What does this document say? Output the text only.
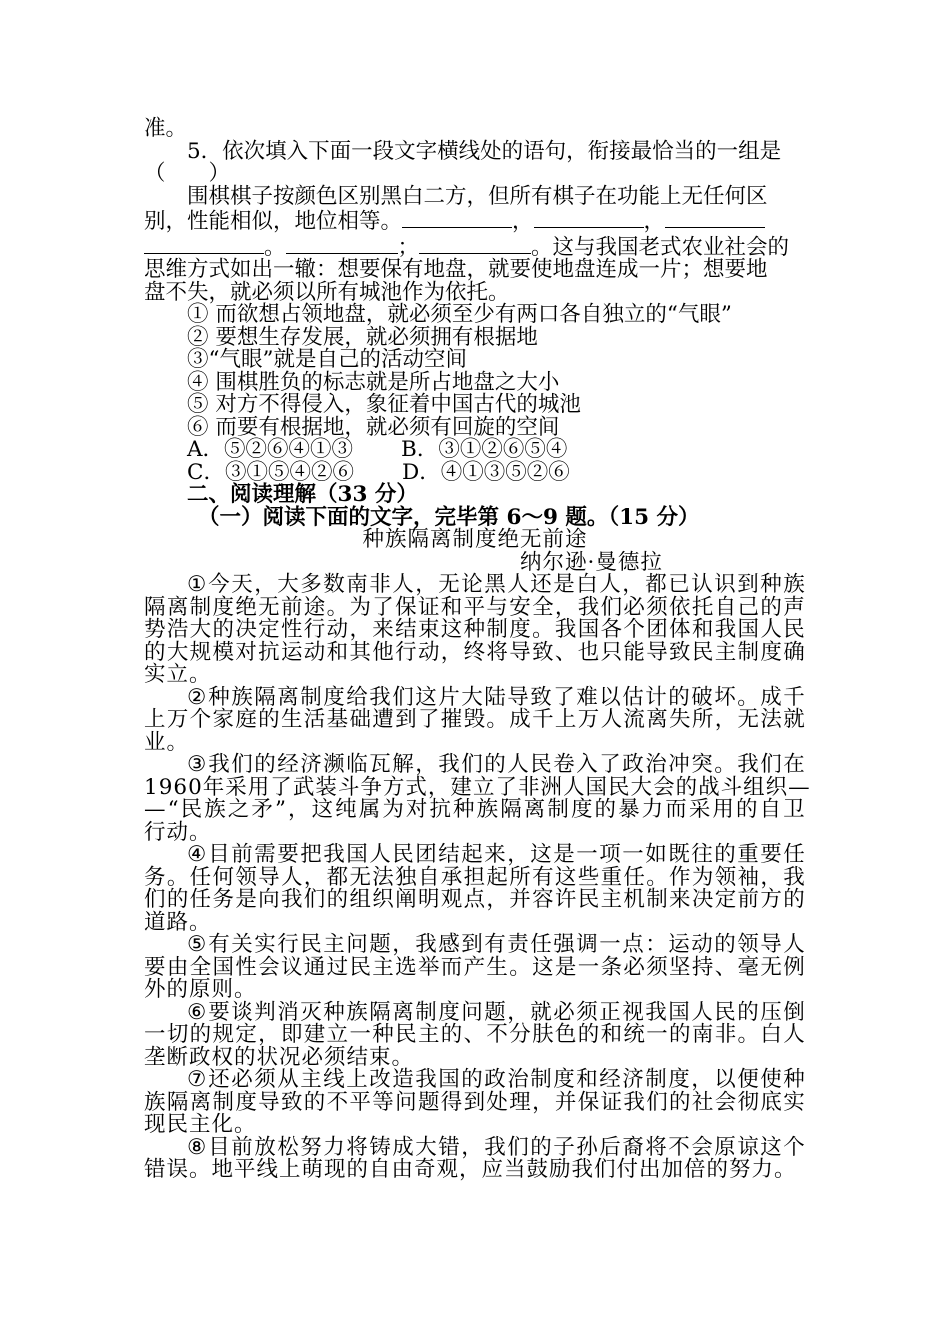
准。

5．依次填入下面一段文字横线处的语句，衔接最恰当的一组是

（　　）

围棋棋子按颜色区别黑白二方，但所有棋子在功能上无任何区

别，性能相似，地位相等。	，	，

。	；	。这与我国老式农业社会的

思维方式如出一辙：想要保有地盘，就要使地盘连成一片；想要地

盘不失，就必须以所有城池作为依托。

① 而欲想占领地盘，就必须至少有两口各自独立的“气眼”

② 要想生存发展，就必须拥有根据地

③“气眼”就是自己的活动空间

④ 围棋胜负的标志就是所占地盘之大小

⑤ 对方不得侵入，象征着中国古代的城池

⑥ 而要有根据地，就必须有回旋的空间

A．⑤②⑥④①③ B．③①②⑥⑤④

C．③①⑤④②⑥ D．④①③⑤②⑥

二、阅读理解（33 分）

（一）阅读下面的文字，完毕第 6～9 题。（15 分）

种族隔离制度绝无前途

纳尔逊·曼德拉

① 今 天 ， 大 多 数 南 非 人 ， 无 论 黑 人 还 是 白 人 ， 都 已 认 识 到 种 族

隔 离 制 度 绝 无 前 途 。 为 了 保 证 和 平 与 安 全 ， 我 们 必 须 依 托 自 己 的 声

势 浩 大 的 决 定 性 行 动 ， 来 结 束 这 种 制 度 。 我 国 各 个 团 体 和 我 国 人 民

的 大 规 模 对 抗 运 动 和 其 他 行 动 ， 终 将 导 致 、 也 只 能 导 致 民 主 制 度 确

实立。

② 种 族 隔 离 制 度 给 我 们 这 片 大 陆 导 致 了 难 以 估 计 的 破 坏 。 成 千

上 万 个 家 庭 的 生 活 基 础 遭 到 了 摧 毁 。 成 千 上 万 人 流 离 失 所 ， 无 法 就

业。

③ 我 们 的 经 济 濒 临 瓦 解 ， 我 们 的 人 民 卷 入 了 政 治 冲 突 。 我 们 在

1 9 6 0 年 采 用 了 武 装 斗 争 方 式 ， 建 立 了 非 洲 人 国 民 大 会 的 战 斗 组 织 —

— “ 民 族 之 矛 ” ， 这 纯 属 为 对 抗 种 族 隔 离 制 度 的 暴 力 而 采 用 的 自 卫

行动。

④ 目 前 需 要 把 我 国 人 民 团 结 起 来 ， 这 是 一 项 一 如 既 往 的 重 要 任

务 。 任 何 领 导 人 ， 都 无 法 独 自 承 担 起 所 有 这 些 重 任 。 作 为 领 袖 ， 我

们 的 任 务 是 向 我 们 的 组 织 阐 明 观 点 ， 并 容 许 民 主 机 制 来 决 定 前 方 的

道路。

⑤ 有 关 实 行 民 主 问 题 ， 我 感 到 有 责 任 强 调 一 点 ： 运 动 的 领 导 人

要 由 全 国 性 会 议 通 过 民 主 选 举 而 产 生 。 这 是 一 条 必 须 坚 持 、 毫 无 例

外的原则。

⑥ 要 谈 判 消 灭 种 族 隔 离 制 度 问 题 ， 就 必 须 正 视 我 国 人 民 的 压 倒

一 切 的 规 定 ， 即 建 立 一 种 民 主 的 、 不 分 肤 色 的 和 统 一 的 南 非 。 白 人

垄断政权的状况必须结束。

⑦ 还 必 须 从 主 线 上 改 造 我 国 的 政 治 制 度 和 经 济 制 度 ， 以 便 使 种

族 隔 离 制 度 导 致 的 不 平 等 问 题 得 到 处 理 ， 并 保 证 我 们 的 社 会 彻 底 实

现民主化。

⑧ 目 前 放 松 努 力 将 铸 成 大 错 ， 我 们 的 子 孙 后 裔 将 不 会 原 谅 这 个

错误。地平线上萌现的自由奇观，应当鼓励我们付出加倍的努力。
